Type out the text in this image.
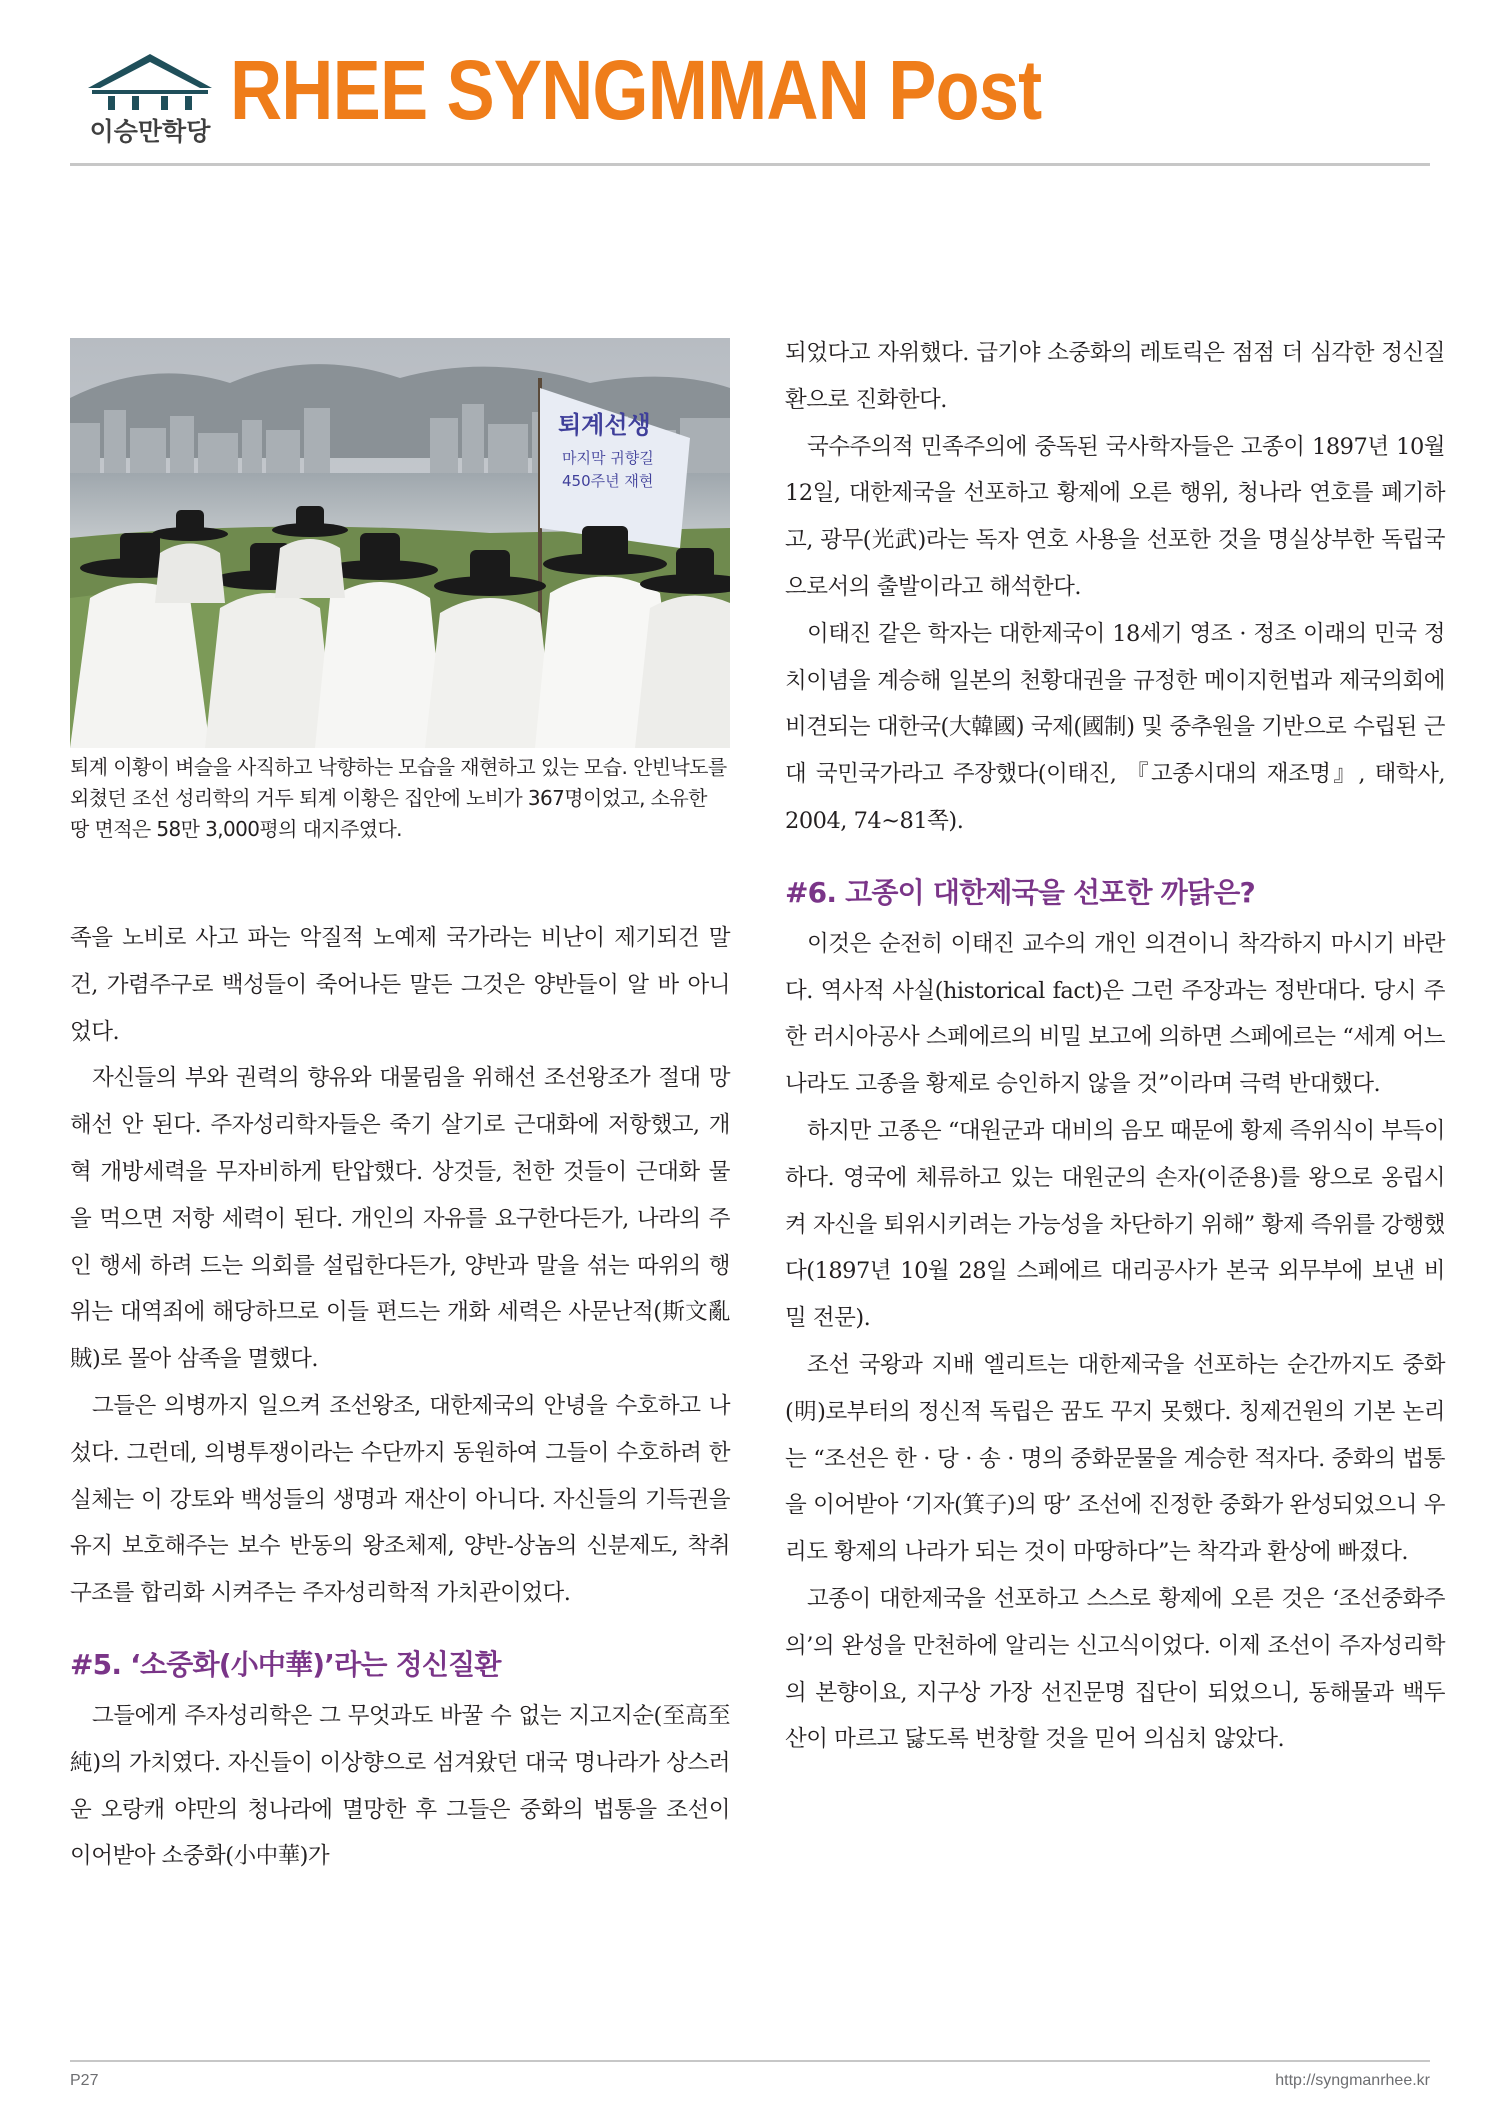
이승만학당 RHEE SYNGMMAN Post
퇴계선생
마지막 귀향길
450주년 재현
퇴계 이황이 벼슬을 사직하고 낙향하는 모습을 재현하고 있는 모습. 안빈낙도를 외쳤던 조선 성리학의 거두 퇴계 이황은 집안에 노비가 367명이었고, 소유한 땅 면적은 58만 3,000평의 대지주였다.

족을 노비로 사고 파는 악질적 노예제 국가라는 비난이 제기되건 말건, 가렴주구로 백성들이 죽어나든 말든 그것은 양반들이 알 바 아니었다.

자신들의 부와 권력의 향유와 대물림을 위해선 조선왕조가 절대 망해선 안 된다. 주자성리학자들은 죽기 살기로 근대화에 저항했고, 개혁 개방세력을 무자비하게 탄압했다. 상것들, 천한 것들이 근대화 물을 먹으면 저항 세력이 된다. 개인의 자유를 요구한다든가, 나라의 주인 행세 하려 드는 의회를 설립한다든가, 양반과 말을 섞는 따위의 행위는 대역죄에 해당하므로 이들 편드는 개화 세력은 사문난적(斯文亂賊)로 몰아 삼족을 멸했다.

그들은 의병까지 일으켜 조선왕조, 대한제국의 안녕을 수호하고 나섰다. 그런데, 의병투쟁이라는 수단까지 동원하여 그들이 수호하려 한 실체는 이 강토와 백성들의 생명과 재산이 아니다. 자신들의 기득권을 유지 보호해주는 보수 반동의 왕조체제, 양반-상놈의 신분제도, 착취구조를 합리화 시켜주는 주자성리학적 가치관이었다.

#5. ‘소중화(小中華)’라는 정신질환

그들에게 주자성리학은 그 무엇과도 바꿀 수 없는 지고지순(至高至純)의 가치였다. 자신들이 이상향으로 섬겨왔던 대국 명나라가 상스러운 오랑캐 야만의 청나라에 멸망한 후 그들은 중화의 법통을 조선이 이어받아 소중화(小中華)가

되었다고 자위했다. 급기야 소중화의 레토릭은 점점 더 심각한 정신질환으로 진화한다.

국수주의적 민족주의에 중독된 국사학자들은 고종이 1897년 10월 12일, 대한제국을 선포하고 황제에 오른 행위, 청나라 연호를 폐기하고, 광무(光武)라는 독자 연호 사용을 선포한 것을 명실상부한 독립국으로서의 출발이라고 해석한다.

이태진 같은 학자는 대한제국이 18세기 영조 · 정조 이래의 민국 정치이념을 계승해 일본의 천황대권을 규정한 메이지헌법과 제국의회에 비견되는 대한국(大韓國) 국제(國制) 및 중추원을 기반으로 수립된 근대 국민국가라고 주장했다(이태진, 『고종시대의 재조명』, 태학사, 2004, 74~81쪽).

#6. 고종이 대한제국을 선포한 까닭은?

이것은 순전히 이태진 교수의 개인 의견이니 착각하지 마시기 바란다. 역사적 사실(historical fact)은 그런 주장과는 정반대다. 당시 주한 러시아공사 스페에르의 비밀 보고에 의하면 스페에르는 “세계 어느 나라도 고종을 황제로 승인하지 않을 것”이라며 극력 반대했다.

하지만 고종은 “대원군과 대비의 음모 때문에 황제 즉위식이 부득이하다. 영국에 체류하고 있는 대원군의 손자(이준용)를 왕으로 옹립시켜 자신을 퇴위시키려는 가능성을 차단하기 위해” 황제 즉위를 강행했다(1897년 10월 28일 스페에르 대리공사가 본국 외무부에 보낸 비밀 전문).

조선 국왕과 지배 엘리트는 대한제국을 선포하는 순간까지도 중화(明)로부터의 정신적 독립은 꿈도 꾸지 못했다. 칭제건원의 기본 논리는 “조선은 한 · 당 · 송 · 명의 중화문물을 계승한 적자다. 중화의 법통을 이어받아 ‘기자(箕子)의 땅’ 조선에 진정한 중화가 완성되었으니 우리도 황제의 나라가 되는 것이 마땅하다”는 착각과 환상에 빠졌다.

고종이 대한제국을 선포하고 스스로 황제에 오른 것은 ‘조선중화주의’의 완성을 만천하에 알리는 신고식이었다. 이제 조선이 주자성리학의 본향이요, 지구상 가장 선진문명 집단이 되었으니, 동해물과 백두산이 마르고 닳도록 번창할 것을 믿어 의심치 않았다.

P27	http://syngmanrhee.kr
